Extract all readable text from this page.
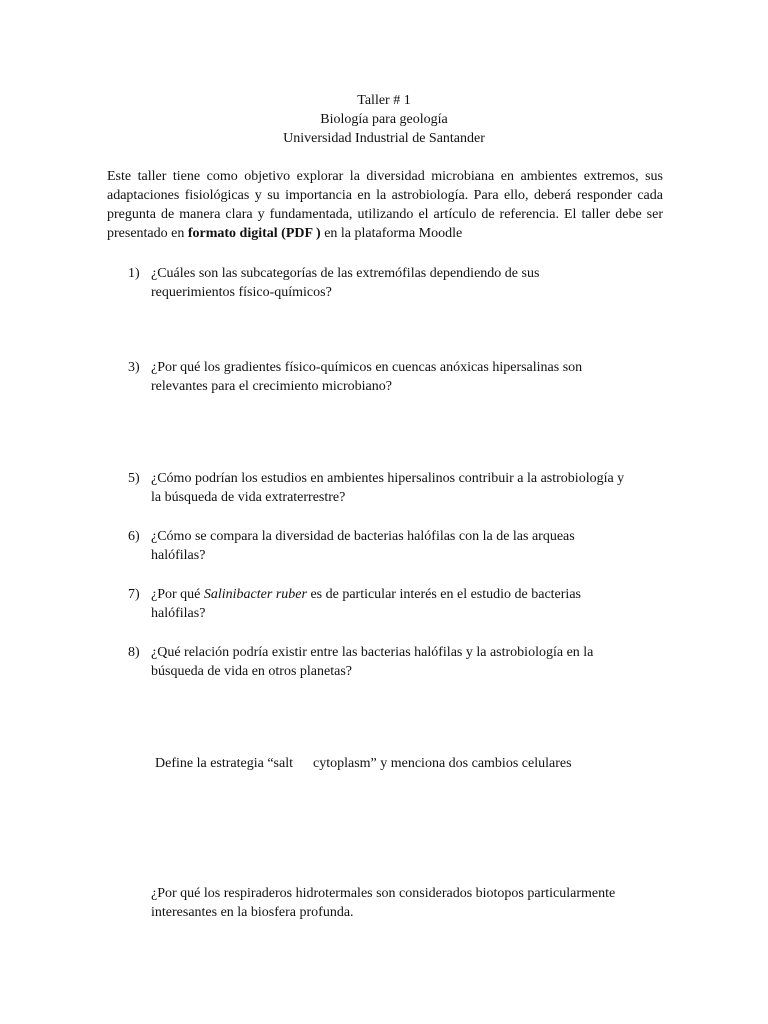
Taller # 1
Biología para geología
Universidad Industrial de Santander
Este taller tiene como objetivo explorar la diversidad microbiana en ambientes extremos, sus adaptaciones fisiológicas y su importancia en la astrobiología. Para ello, deberá responder cada pregunta de manera clara y fundamentada, utilizando el artículo de referencia. El taller debe ser presentado en formato digital (PDF ) en la plataforma Moodle
1) ¿Cuáles son las subcategorías de las extremófilas dependiendo de sus
requerimientos físico-químicos?
3) ¿Por qué los gradientes físico-químicos en cuencas anóxicas hipersalinas son
relevantes para el crecimiento microbiano?
5) ¿Cómo podrían los estudios en ambientes hipersalinos contribuir a la astrobiología y
la búsqueda de vida extraterrestre?
6) ¿Cómo se compara la diversidad de bacterias halófilas con la de las arqueas
halófilas?
7) ¿Por qué Salinibacter ruber es de particular interés en el estudio de bacterias
halófilas?
8) ¿Qué relación podría existir entre las bacterias halófilas y la astrobiología en la
búsqueda de vida en otros planetas?
Define la estrategia “salt cytoplasm” y menciona dos cambios celulares
¿Por qué los respiraderos hidrotermales son considerados biotopos particularmente
interesantes en la biosfera profunda.
